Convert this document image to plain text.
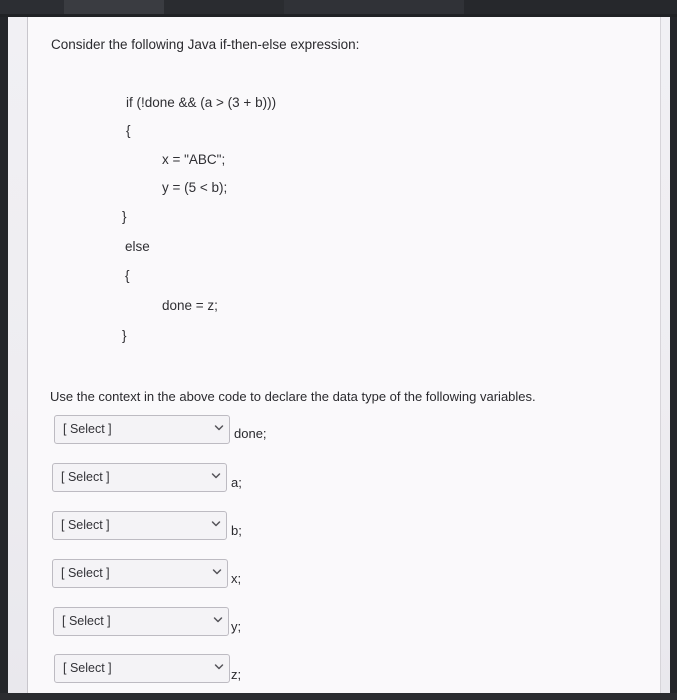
Consider the following Java if-then-else expression:
if (!done && (a > (3 + b)))
{
x = "ABC";
y = (5 < b);
}
else
{
done = z;
}
Use the context in the above code to declare the data type of the following variables.
[ Select ]	done;
[ Select ]	a;
[ Select ]	b;
[ Select ]	x;
[ Select ]	y;
[ Select ]	z;
